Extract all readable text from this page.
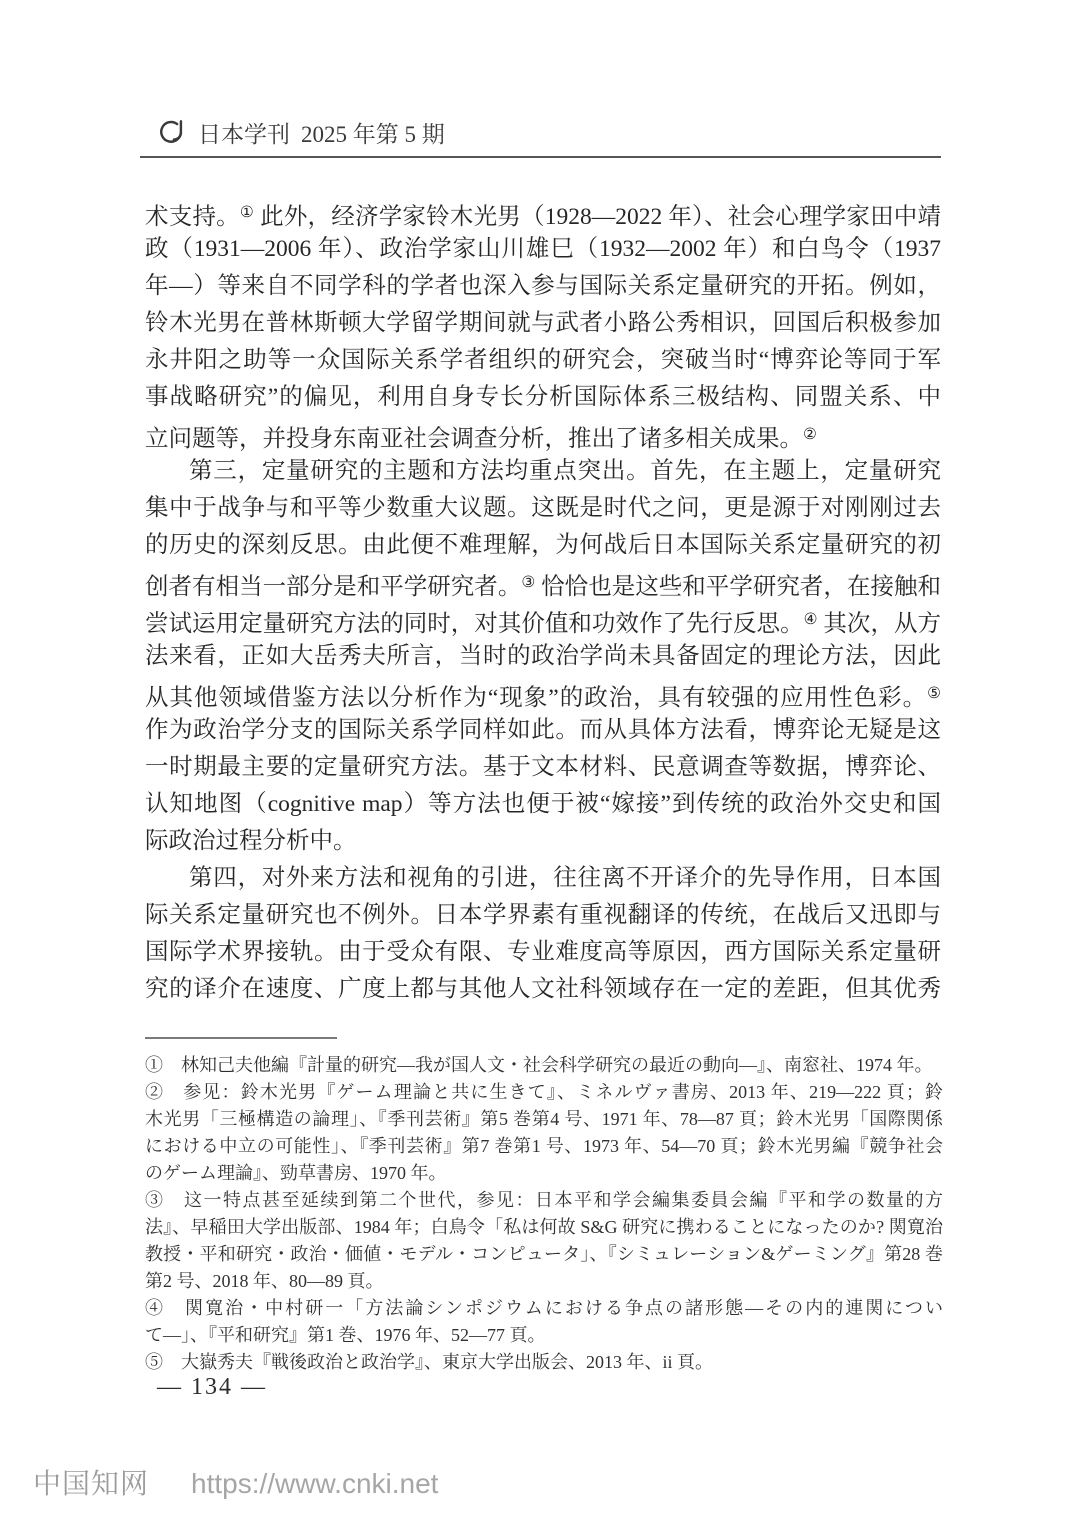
日本学刊 2025 年第 5 期
术支持。① 此外，经济学家铃木光男（1928—2022 年）、社会心理学家田中靖
政（1931—2006 年）、政治学家山川雄巳（1932—2002 年）和白鸟令（1937
年—）等来自不同学科的学者也深入参与国际关系定量研究的开拓。例如，
铃木光男在普林斯顿大学留学期间就与武者小路公秀相识，回国后积极参加
永井阳之助等一众国际关系学者组织的研究会，突破当时“博弈论等同于军
事战略研究”的偏见，利用自身专长分析国际体系三极结构、同盟关系、中
立问题等，并投身东南亚社会调查分析，推出了诸多相关成果。②
第三，定量研究的主题和方法均重点突出。首先，在主题上，定量研究
集中于战争与和平等少数重大议题。这既是时代之问，更是源于对刚刚过去
的历史的深刻反思。由此便不难理解，为何战后日本国际关系定量研究的初
创者有相当一部分是和平学研究者。③ 恰恰也是这些和平学研究者，在接触和
尝试运用定量研究方法的同时，对其价值和功效作了先行反思。④ 其次，从方
法来看，正如大岳秀夫所言，当时的政治学尚未具备固定的理论方法，因此
从其他领域借鉴方法以分析作为“现象”的政治，具有较强的应用性色彩。⑤
作为政治学分支的国际关系学同样如此。而从具体方法看，博弈论无疑是这
一时期最主要的定量研究方法。基于文本材料、民意调查等数据，博弈论、
认知地图（cognitive map）等方法也便于被“嫁接”到传统的政治外交史和国
际政治过程分析中。
第四，对外来方法和视角的引进，往往离不开译介的先导作用，日本国
际关系定量研究也不例外。日本学界素有重视翻译的传统，在战后又迅即与
国际学术界接轨。由于受众有限、专业难度高等原因，西方国际关系定量研
究的译介在速度、广度上都与其他人文社科领域存在一定的差距，但其优秀
①　林知己夫他編『計量的研究—我が国人文・社会科学研究の最近の動向—』、南窓社、1974 年。
②　参见：鈴木光男『ゲーム理論と共に生きて』、ミネルヴァ書房、2013 年、219—222 頁；鈴
木光男「三極構造の論理」、『季刊芸術』第5 巻第4 号、1971 年、78—87 頁；鈴木光男「国際関係
における中立の可能性」、『季刊芸術』第7 巻第1 号、1973 年、54—70 頁；鈴木光男編『競争社会
のゲーム理論』、勁草書房、1970 年。
③　这一特点甚至延续到第二个世代，参见：日本平和学会編集委員会編『平和学の数量的方
法』、早稲田大学出版部、1984 年；白鳥令「私は何故 S&G 研究に携わることになったのか? 関寛治
教授・平和研究・政治・価値・モデル・コンピュータ」、『シミュレーション&ゲーミング』第28 巻
第2 号、2018 年、80—89 頁。
④　関寛治・中村研一「方法論シンポジウムにおける争点の諸形態—その内的連関につい
て—」、『平和研究』第1 巻、1976 年、52—77 頁。
⑤　大嶽秀夫『戦後政治と政治学』、東京大学出版会、2013 年、ii 頁。
— 134 —
中国知网 https://www.cnki.net
